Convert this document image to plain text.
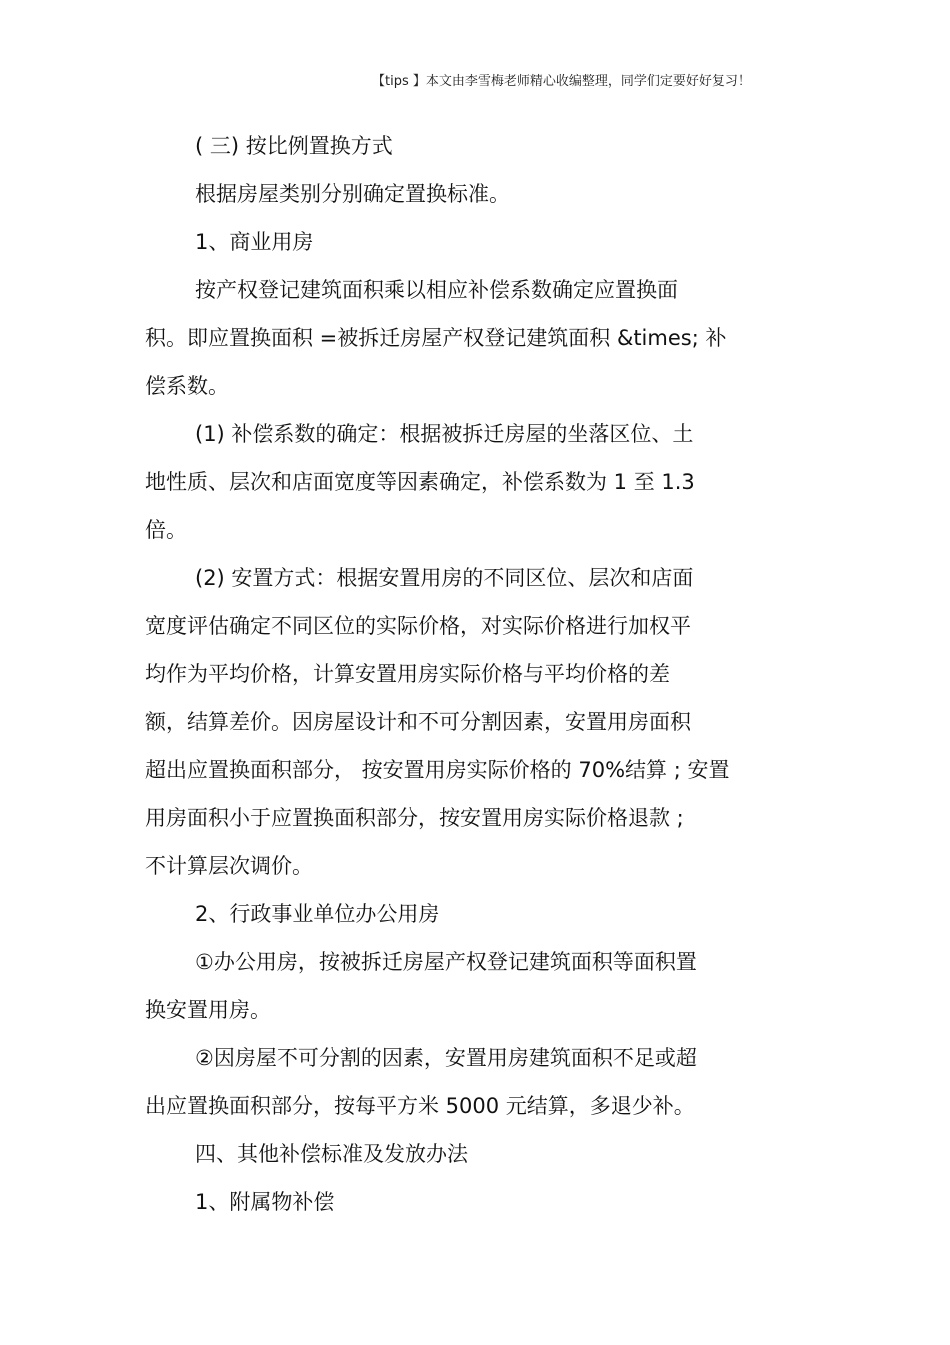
【tips 】本文由李雪梅老师精心收编整理，同学们定要好好复习！
( 三) 按比例置换方式
根据房屋类别分别确定置换标准。
1、商业用房
按产权登记建筑面积乘以相应补偿系数确定应置换面
积。即应置换面积 =被拆迁房屋产权登记建筑面积 &times; 补
偿系数。
(1) 补偿系数的确定：根据被拆迁房屋的坐落区位、土
地性质、层次和店面宽度等因素确定，补偿系数为 1 至 1.3
倍。
(2) 安置方式：根据安置用房的不同区位、层次和店面
宽度评估确定不同区位的实际价格，对实际价格进行加权平
均作为平均价格，计算安置用房实际价格与平均价格的差
额，结算差价。因房屋设计和不可分割因素，安置用房面积
超出应置换面积部分， 按安置用房实际价格的 70%结算 ; 安置
用房面积小于应置换面积部分，按安置用房实际价格退款 ;
不计算层次调价。
2、行政事业单位办公用房
①办公用房，按被拆迁房屋产权登记建筑面积等面积置
换安置用房。
②因房屋不可分割的因素，安置用房建筑面积不足或超
出应置换面积部分，按每平方米 5000 元结算，多退少补。
四、其他补偿标准及发放办法
1、附属物补偿
